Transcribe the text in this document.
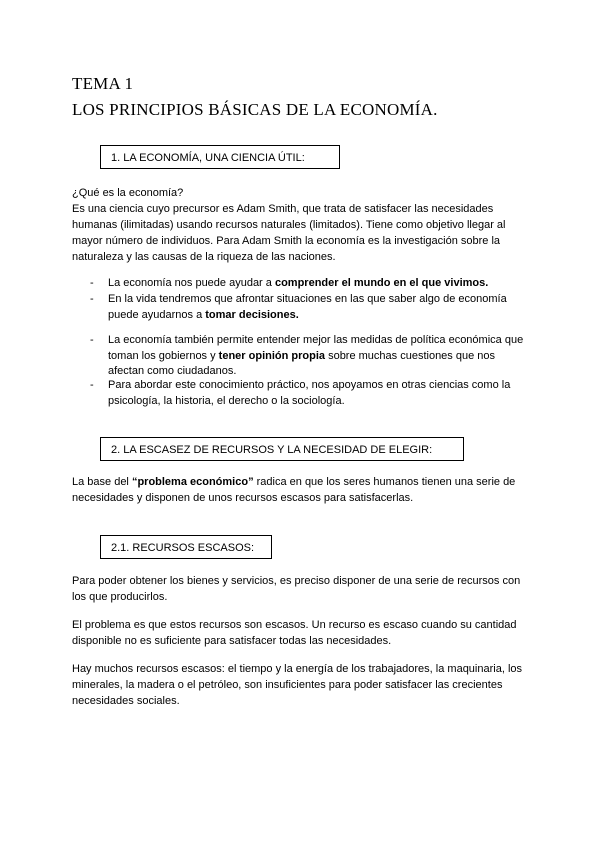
TEMA 1
LOS PRINCIPIOS BÁSICAS DE LA ECONOMÍA.
1. LA ECONOMÍA, UNA CIENCIA ÚTIL:

¿Qué es la economía?

Es una ciencia cuyo precursor es Adam Smith, que trata de satisfacer las necesidades humanas (ilimitadas) usando recursos naturales (limitados). Tiene como objetivo llegar al mayor número de individuos. Para Adam Smith la economía es la investigación sobre la naturaleza y las causas de la riqueza de las naciones.

- La economía nos puede ayudar a comprender el mundo en el que vivimos.
- En la vida tendremos que afrontar situaciones en las que saber algo de economía puede ayudarnos a tomar decisiones.
- La economía también permite entender mejor las medidas de política económica que toman los gobiernos y tener opinión propia sobre muchas cuestiones que nos afectan como ciudadanos.
- Para abordar este conocimiento práctico, nos apoyamos en otras ciencias como la psicología, la historia, el derecho o la sociología.
2. LA ESCASEZ DE RECURSOS Y LA NECESIDAD DE ELEGIR:

La base del “problema económico” radica en que los seres humanos tienen una serie de necesidades y disponen de unos recursos escasos para satisfacerlas.

2.1. RECURSOS ESCASOS:

Para poder obtener los bienes y servicios, es preciso disponer de una serie de recursos con los que producirlos.

El problema es que estos recursos son escasos. Un recurso es escaso cuando su cantidad disponible no es suficiente para satisfacer todas las necesidades.

Hay muchos recursos escasos: el tiempo y la energía de los trabajadores, la maquinaria, los minerales, la madera o el petróleo, son insuficientes para poder satisfacer las crecientes necesidades sociales.
